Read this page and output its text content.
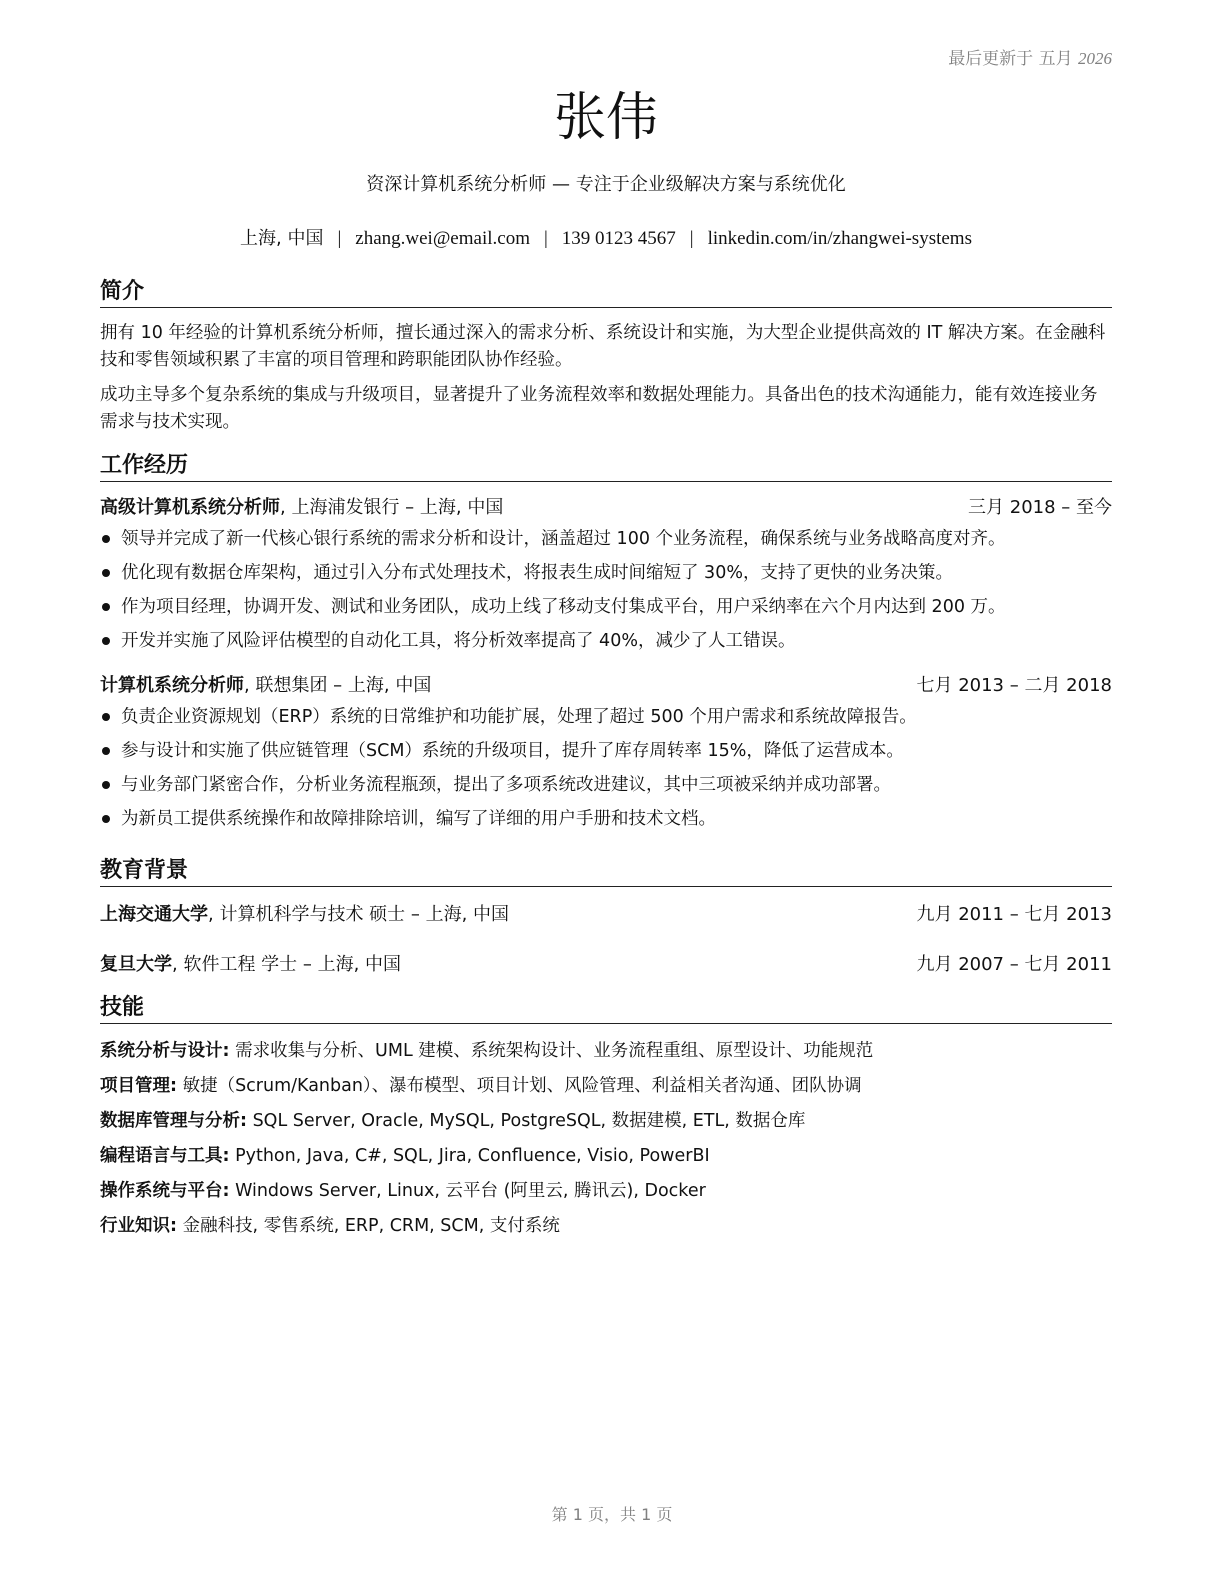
最后更新于 五月 2026
张伟
资深计算机系统分析师 — 专注于企业级解决方案与系统优化
上海, 中国 | zhang.wei@email.com | 139 0123 4567 | linkedin.com/in/zhangwei-systems
简介

拥有 10 年经验的计算机系统分析师，擅长通过深入的需求分析、系统设计和实施，为大型企业提供高效的 IT 解决方案。在金融科技和零售领域积累了丰富的项目管理和跨职能团队协作经验。

成功主导多个复杂系统的集成与升级项目，显著提升了业务流程效率和数据处理能力。具备出色的技术沟通能力，能有效连接业务需求与技术实现。

工作经历
高级计算机系统分析师, 上海浦发银行 – 上海, 中国	三月 2018 – 至今
领导并完成了新一代核心银行系统的需求分析和设计，涵盖超过 100 个业务流程，确保系统与业务战略高度对齐。
优化现有数据仓库架构，通过引入分布式处理技术，将报表生成时间缩短了 30%，支持了更快的业务决策。
作为项目经理，协调开发、测试和业务团队，成功上线了移动支付集成平台，用户采纳率在六个月内达到 200 万。
开发并实施了风险评估模型的自动化工具，将分析效率提高了 40%，减少了人工错误。
计算机系统分析师, 联想集团 – 上海, 中国	七月 2013 – 二月 2018
负责企业资源规划（ERP）系统的日常维护和功能扩展，处理了超过 500 个用户需求和系统故障报告。
参与设计和实施了供应链管理（SCM）系统的升级项目，提升了库存周转率 15%，降低了运营成本。
与业务部门紧密合作，分析业务流程瓶颈，提出了多项系统改进建议，其中三项被采纳并成功部署。
为新员工提供系统操作和故障排除培训，编写了详细的用户手册和技术文档。
教育背景
上海交通大学, 计算机科学与技术 硕士 – 上海, 中国	九月 2011 – 七月 2013
复旦大学, 软件工程 学士 – 上海, 中国	九月 2007 – 七月 2011
技能
系统分析与设计: 需求收集与分析、UML 建模、系统架构设计、业务流程重组、原型设计、功能规范
项目管理: 敏捷（Scrum/Kanban）、瀑布模型、项目计划、风险管理、利益相关者沟通、团队协调
数据库管理与分析: SQL Server, Oracle, MySQL, PostgreSQL, 数据建模, ETL, 数据仓库
编程语言与工具: Python, Java, C#, SQL, Jira, Confluence, Visio, PowerBI
操作系统与平台: Windows Server, Linux, 云平台 (阿里云, 腾讯云), Docker
行业知识: 金融科技, 零售系统, ERP, CRM, SCM, 支付系统
第 1 页，共 1 页
